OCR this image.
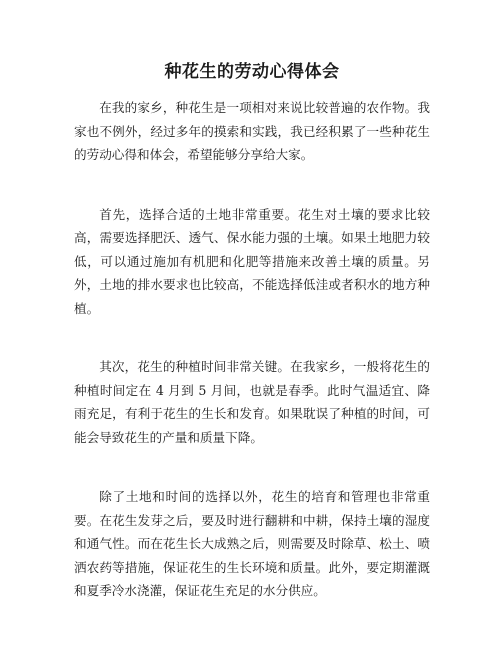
种花生的劳动心得体会

在我的家乡，种花生是一项相对来说比较普遍的农作物。我家也不例外，经过多年的摸索和实践，我已经积累了一些种花生的劳动心得和体会，希望能够分享给大家。

首先，选择合适的土地非常重要。花生对土壤的要求比较高，需要选择肥沃、透气、保水能力强的土壤。如果土地肥力较低，可以通过施加有机肥和化肥等措施来改善土壤的质量。另外，土地的排水要求也比较高，不能选择低洼或者积水的地方种植。

其次，花生的种植时间非常关键。在我家乡，一般将花生的种植时间定在 4 月到 5 月间，也就是春季。此时气温适宜、降雨充足，有利于花生的生长和发育。如果耽误了种植的时间，可能会导致花生的产量和质量下降。

除了土地和时间的选择以外，花生的培育和管理也非常重要。在花生发芽之后，要及时进行翻耕和中耕，保持土壤的湿度和通气性。而在花生长大成熟之后，则需要及时除草、松土、喷洒农药等措施，保证花生的生长环境和质量。此外，要定期灌溉和夏季冷水浇灌，保证花生充足的水分供应。
